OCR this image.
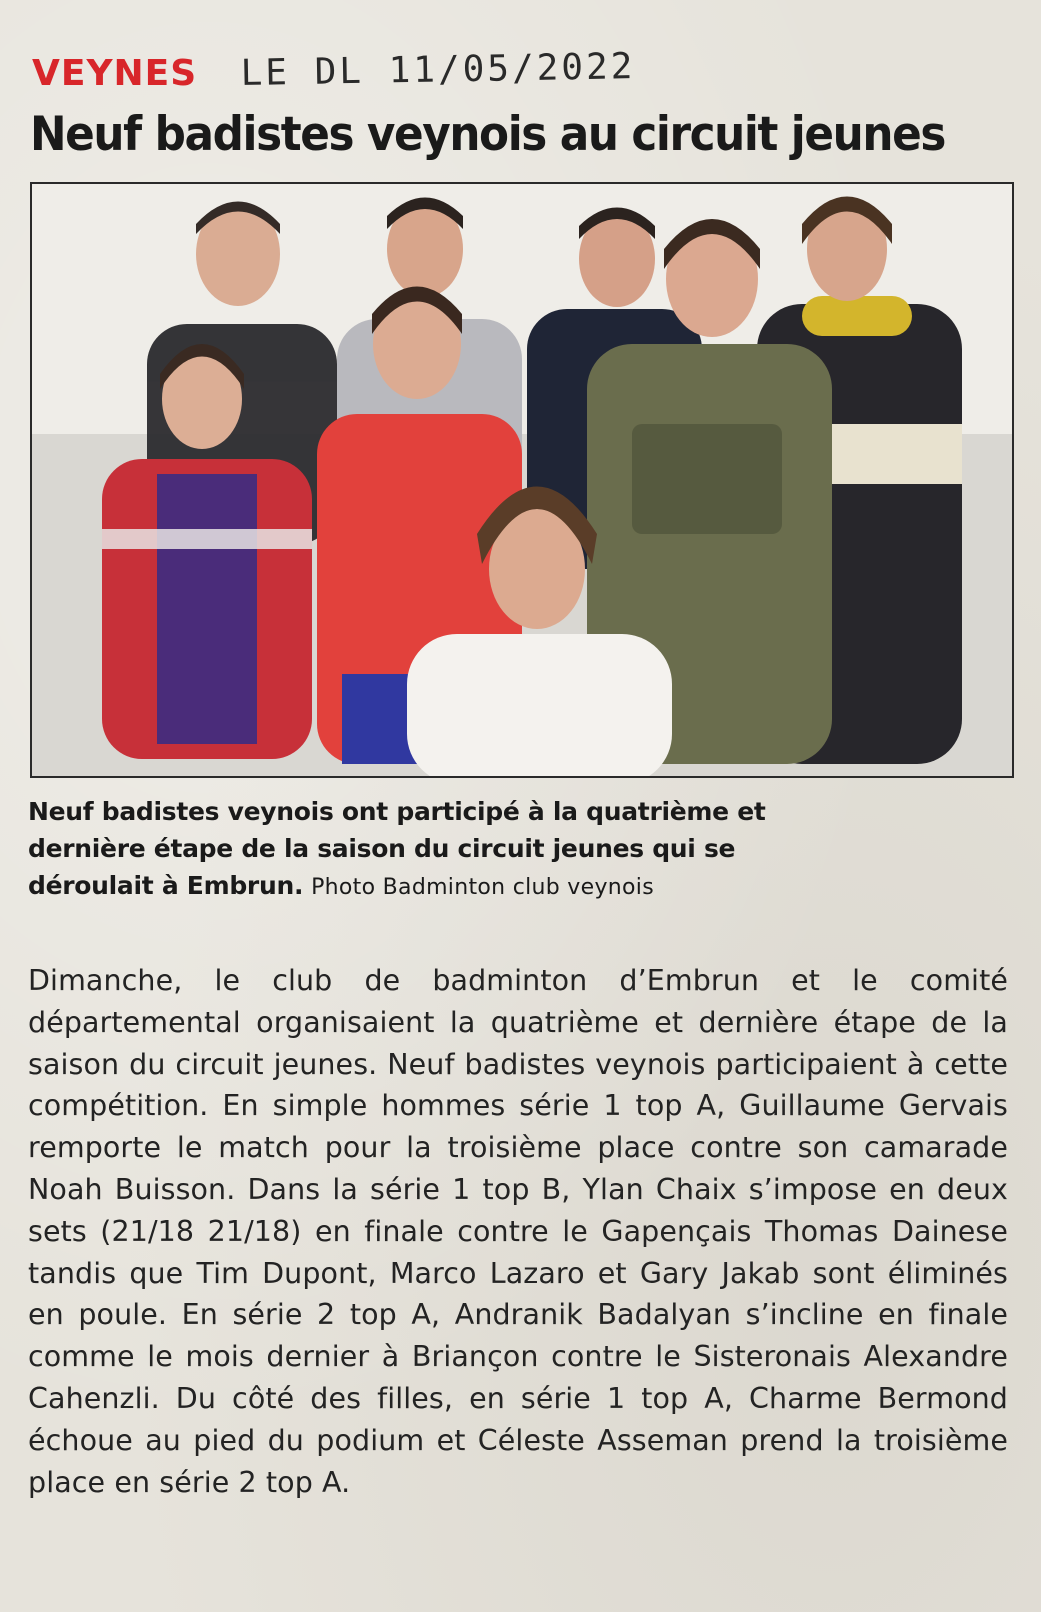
VEYNES LE DL 11/05/2022
Neuf badistes veynois au circuit jeunes
Neuf badistes veynois ont participé à la quatrième et dernière étape de la saison du circuit jeunes qui se déroulait à Embrun. Photo Badminton club veynois
Dimanche, le club de badminton d’Embrun et le comité départemental organisaient la quatrième et dernière étape de la saison du circuit jeunes. Neuf badistes veynois participaient à cette compétition. En simple hommes série 1 top A, Guillaume Gervais remporte le match pour la troisième place contre son camarade Noah Buisson. Dans la série 1 top B, Ylan Chaix s’impose en deux sets (21/18 21/18) en finale contre le Gapençais Thomas Dainese tandis que Tim Dupont, Marco Lazaro et Gary Jakab sont éliminés en poule. En série 2 top A, Andranik Badalyan s’incline en finale comme le mois dernier à Briançon contre le Sisteronais Alexandre Cahenzli. Du côté des filles, en série 1 top A, Charme Bermond échoue au pied du podium et Céleste Asseman prend la troisième place en série 2 top A.
